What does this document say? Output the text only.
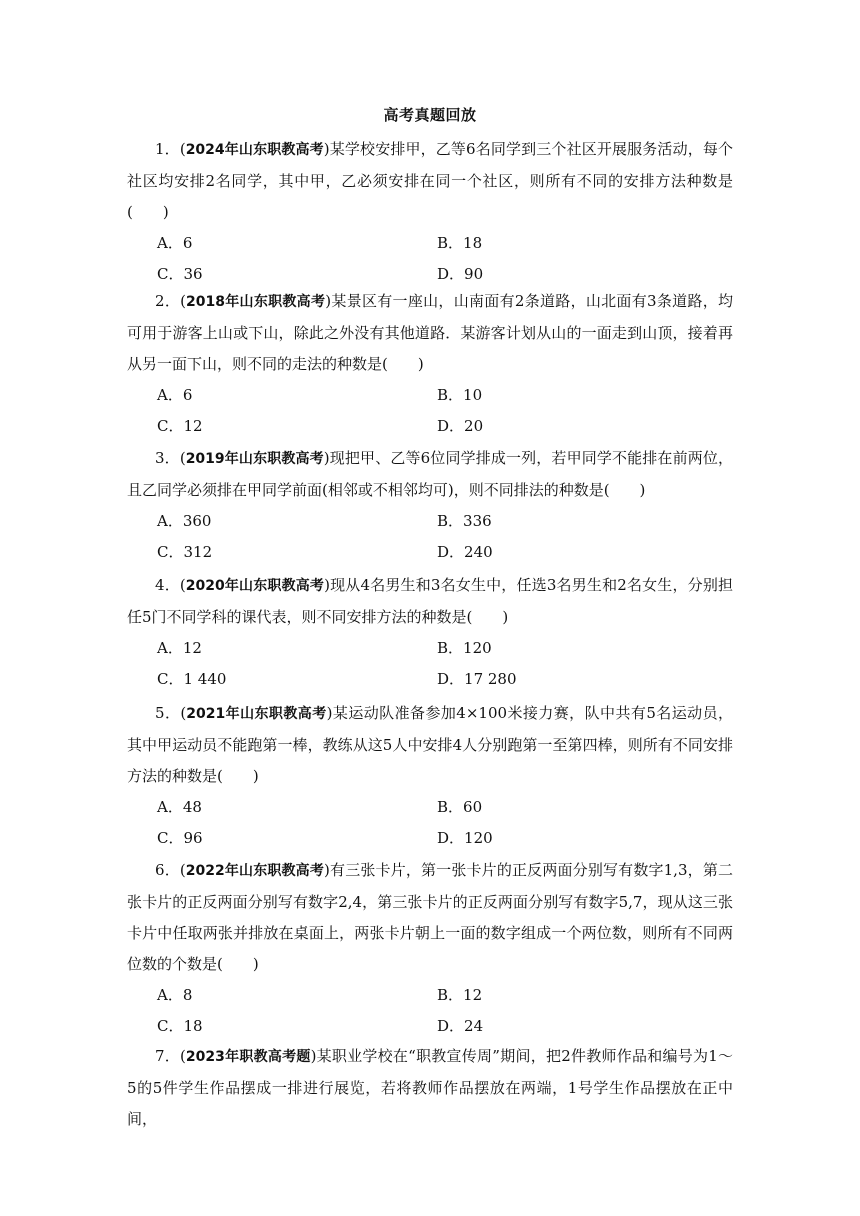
高考真题回放

1．(2024年山东职教高考)某学校安排甲，乙等6名同学到三个社区开展服务活动，每个社区均安排2名同学，其中甲，乙必须安排在同一个社区，则所有不同的安排方法种数是(　　)

A．6	B．18
C．36	D．90

2．(2018年山东职教高考)某景区有一座山，山南面有2条道路，山北面有3条道路，均可用于游客上山或下山，除此之外没有其他道路．某游客计划从山的一面走到山顶，接着再从另一面下山，则不同的走法的种数是(　　)

A．6	B．10
C．12	D．20

3．(2019年山东职教高考)现把甲、乙等6位同学排成一列，若甲同学不能排在前两位，且乙同学必须排在甲同学前面(相邻或不相邻均可)，则不同排法的种数是(　　)

A．360	B．336
C．312	D．240

4．(2020年山东职教高考)现从4名男生和3名女生中，任选3名男生和2名女生，分别担任5门不同学科的课代表，则不同安排方法的种数是(　　)

A．12	B．120
C．1 440	D．17 280

5．(2021年山东职教高考)某运动队准备参加4×100米接力赛，队中共有5名运动员，其中甲运动员不能跑第一棒，教练从这5人中安排4人分别跑第一至第四棒，则所有不同安排方法的种数是(　　)

A．48	B．60
C．96	D．120

6．(2022年山东职教高考)有三张卡片，第一张卡片的正反两面分别写有数字1,3，第二张卡片的正反两面分别写有数字2,4，第三张卡片的正反两面分别写有数字5,7，现从这三张卡片中任取两张并排放在桌面上，两张卡片朝上一面的数字组成一个两位数，则所有不同两位数的个数是(　　)

A．8	B．12
C．18	D．24

7．(2023年职教高考题)某职业学校在“职教宣传周”期间，把2件教师作品和编号为1～5的5件学生作品摆成一排进行展览，若将教师作品摆放在两端，1号学生作品摆放在正中间，
